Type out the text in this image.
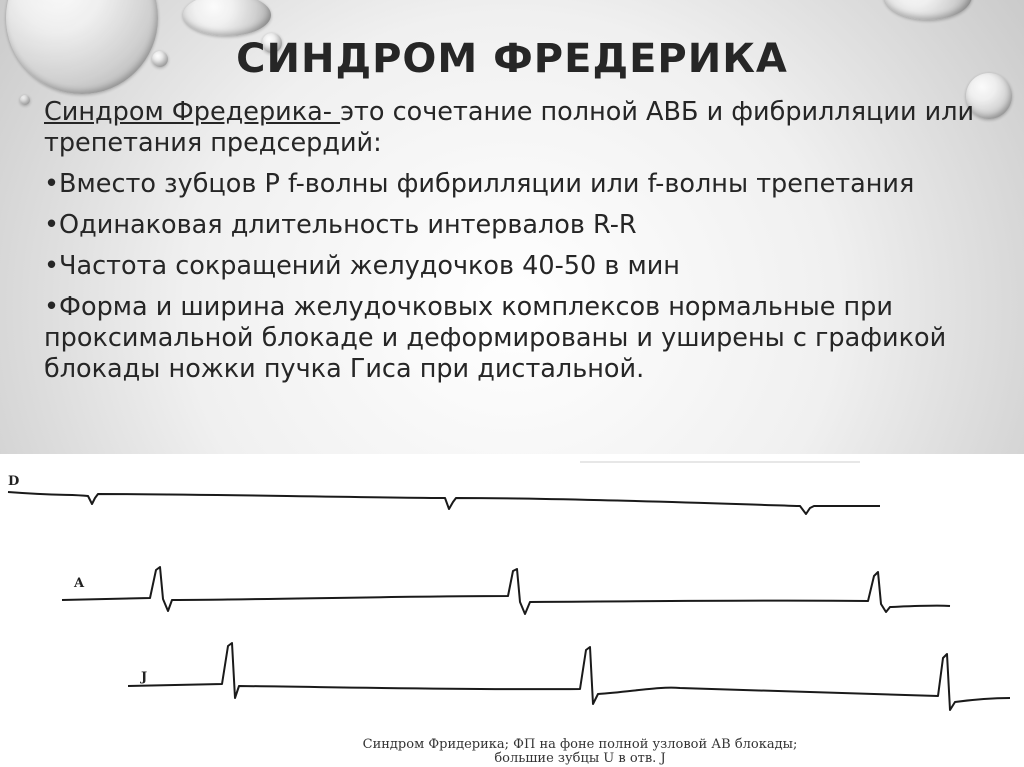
СИНДРОМ ФРЕДЕРИКА

Синдром Фредерика- это сочетание полной АВБ и фибрилляции или трепетания предсердий:

•Вместо зубцов Р f-волны фибрилляции или f-волны трепетания

•Одинаковая длительность интервалов R-R

•Частота сокращений желудочков 40-50 в мин

•Форма и ширина желудочковых комплексов нормальные при проксимальной блокаде и деформированы и уширены с графикой блокады ножки пучка Гиса при дистальной.

D
A
J
Синдром Фридерика; ФП на фоне полной узловой АВ блокады;
большие зубцы U в отв. J
